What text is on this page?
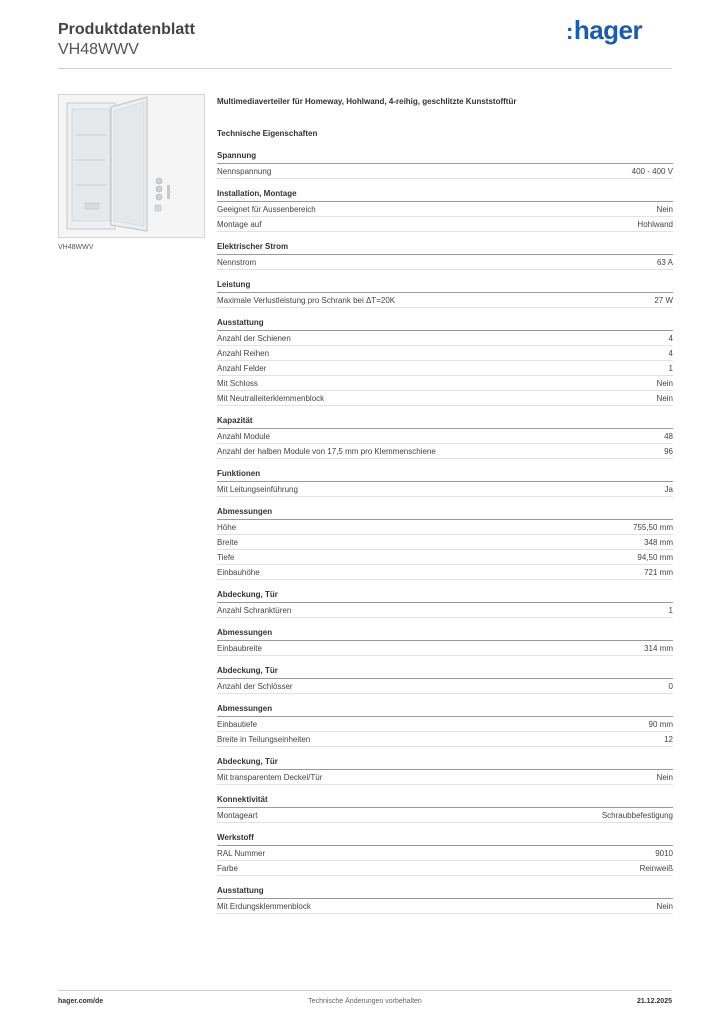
Produktdatenblatt
VH48WWV
:hager
VH48WWV
Multimediaverteiler für Homeway, Hohlwand, 4-reihig, geschlitzte Kunststofftür
Technische Eigenschaften
Spannung
Nennspannung	400 - 400 V
Installation, Montage
Geeignet für Aussenbereich	Nein
Montage auf	Hohlwand
Elektrischer Strom
Nennstrom	63 A
Leistung
Maximale Verlustleistung pro Schrank bei ΔT=20K	27 W
Ausstattung
Anzahl der Schienen	4
Anzahl Reihen	4
Anzahl Felder	1
Mit Schloss	Nein
Mit Neutralleiterklemmenblock	Nein
Kapazität
Anzahl Module	48
Anzahl der halben Module von 17,5 mm pro Klemmenschiene	96
Funktionen
Mit Leitungseinführung	Ja
Abmessungen
Höhe	755,50 mm
Breite	348 mm
Tiefe	94,50 mm
Einbauhöhe	721 mm
Abdeckung, Tür
Anzahl Schranktüren	1
Abmessungen
Einbaubreite	314 mm
Abdeckung, Tür
Anzahl der Schlösser	0
Abmessungen
Einbautiefe	90 mm
Breite in Teilungseinheiten	12
Abdeckung, Tür
Mit transparentem Deckel/Tür	Nein
Konnektivität
Montageart	Schraubbefestigung
Werkstoff
RAL Nummer	9010
Farbe	Reinweiß
Ausstattung
Mit Erdungsklemmenblock	Nein
hager.com/de	Technische Änderungen vorbehalten	21.12.2025
